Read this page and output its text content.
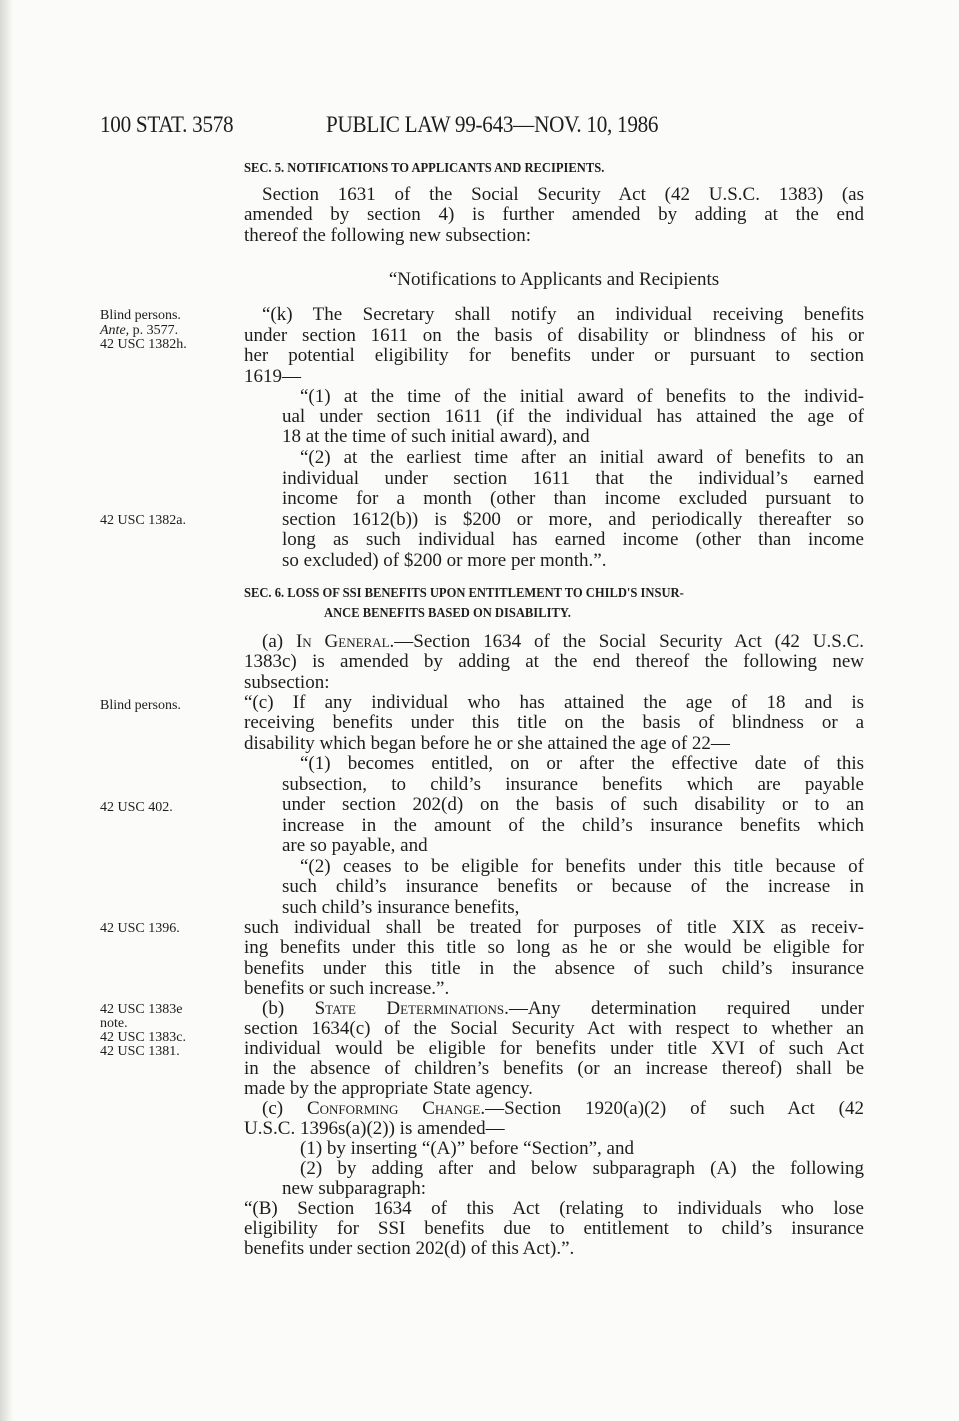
100 STAT. 3578	PUBLIC LAW 99-643—NOV. 10, 1986
SEC. 5. NOTIFICATIONS TO APPLICANTS AND RECIPIENTS.
“Notifications to Applicants and Recipients
SEC. 6. LOSS OF SSI BENEFITS UPON ENTITLEMENT TO CHILD'S INSUR-
ANCE BENEFITS BASED ON DISABILITY.
Blind persons.
Ante, p. 3577.
42 USC 1382h.
42 USC 1382a.
Blind persons.
42 USC 402.
42 USC 1396.
42 USC 1383e
note.
42 USC 1383c.
42 USC 1381.
Section 1631 of the Social Security Act (42 U.S.C. 1383) (as
amended by section 4) is further amended by adding at the end
thereof the following new subsection:
“(k) The Secretary shall notify an individual receiving benefits
under section 1611 on the basis of disability or blindness of his or
her potential eligibility for benefits under or pursuant to section
1619—
“(1) at the time of the initial award of benefits to the individ-
ual under section 1611 (if the individual has attained the age of
18 at the time of such initial award), and
“(2) at the earliest time after an initial award of benefits to an
individual under section 1611 that the individual’s earned
income for a month (other than income excluded pursuant to
section 1612(b)) is $200 or more, and periodically thereafter so
long as such individual has earned income (other than income
so excluded) of $200 or more per month.”.
(a) In General.—Section 1634 of the Social Security Act (42 U.S.C.
1383c) is amended by adding at the end thereof the following new
subsection:
“(c) If any individual who has attained the age of 18 and is
receiving benefits under this title on the basis of blindness or a
disability which began before he or she attained the age of 22—
“(1) becomes entitled, on or after the effective date of this
subsection, to child’s insurance benefits which are payable
under section 202(d) on the basis of such disability or to an
increase in the amount of the child’s insurance benefits which
are so payable, and
“(2) ceases to be eligible for benefits under this title because of
such child’s insurance benefits or because of the increase in
such child’s insurance benefits,
such individual shall be treated for purposes of title XIX as receiv-
ing benefits under this title so long as he or she would be eligible for
benefits under this title in the absence of such child’s insurance
benefits or such increase.”.
(b) State Determinations.—Any determination required under
section 1634(c) of the Social Security Act with respect to whether an
individual would be eligible for benefits under title XVI of such Act
in the absence of children’s benefits (or an increase thereof) shall be
made by the appropriate State agency.
(c) Conforming Change.—Section 1920(a)(2) of such Act (42
U.S.C. 1396s(a)(2)) is amended—
(1) by inserting “(A)” before “Section”, and
(2) by adding after and below subparagraph (A) the following
new subparagraph:
“(B) Section 1634 of this Act (relating to individuals who lose
eligibility for SSI benefits due to entitlement to child’s insurance
benefits under section 202(d) of this Act).”.
